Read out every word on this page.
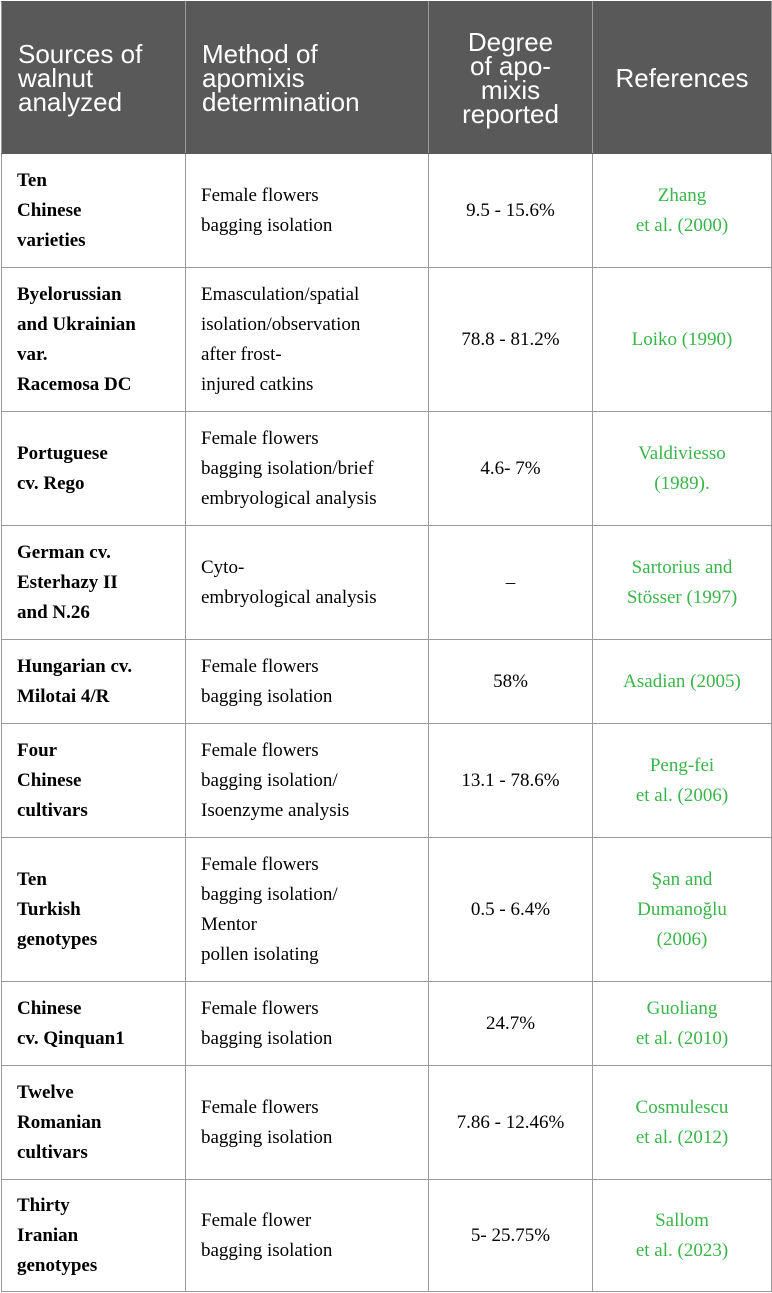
Sources of
walnut
analyzed	Method of
apomixis
determination	Degree
of apo-
mixis
reported	References

Ten
Chinese
varieties	Female flowers
bagging isolation	9.5 - 15.6%	Zhang
et al. (2000)

Byelorussian
and Ukrainian
var.
Racemosa DC	Emasculation/spatial
isolation/observation
after frost-
injured catkins	78.8 - 81.2%	Loiko (1990)

Portuguese
cv. Rego	Female flowers
bagging isolation/brief
embryological analysis	4.6- 7%	Valdiviesso
(1989).

German cv.
Esterhazy II
and N.26	Cyto-
embryological analysis	–	Sartorius and
Stösser (1997)

Hungarian cv.
Milotai 4/R	Female flowers
bagging isolation	58%	Asadian (2005)

Four
Chinese
cultivars	Female flowers
bagging isolation/
Isoenzyme analysis	13.1 - 78.6%	Peng-fei
et al. (2006)

Ten
Turkish
genotypes	Female flowers
bagging isolation/
Mentor
pollen isolating	0.5 - 6.4%	Şan and
Dumanoğlu
(2006)

Chinese
cv. Qinquan1	Female flowers
bagging isolation	24.7%	Guoliang
et al. (2010)

Twelve
Romanian
cultivars	Female flowers
bagging isolation	7.86 - 12.46%	Cosmulescu
et al. (2012)

Thirty
Iranian
genotypes	Female flower
bagging isolation	5- 25.75%	Sallom
et al. (2023)
